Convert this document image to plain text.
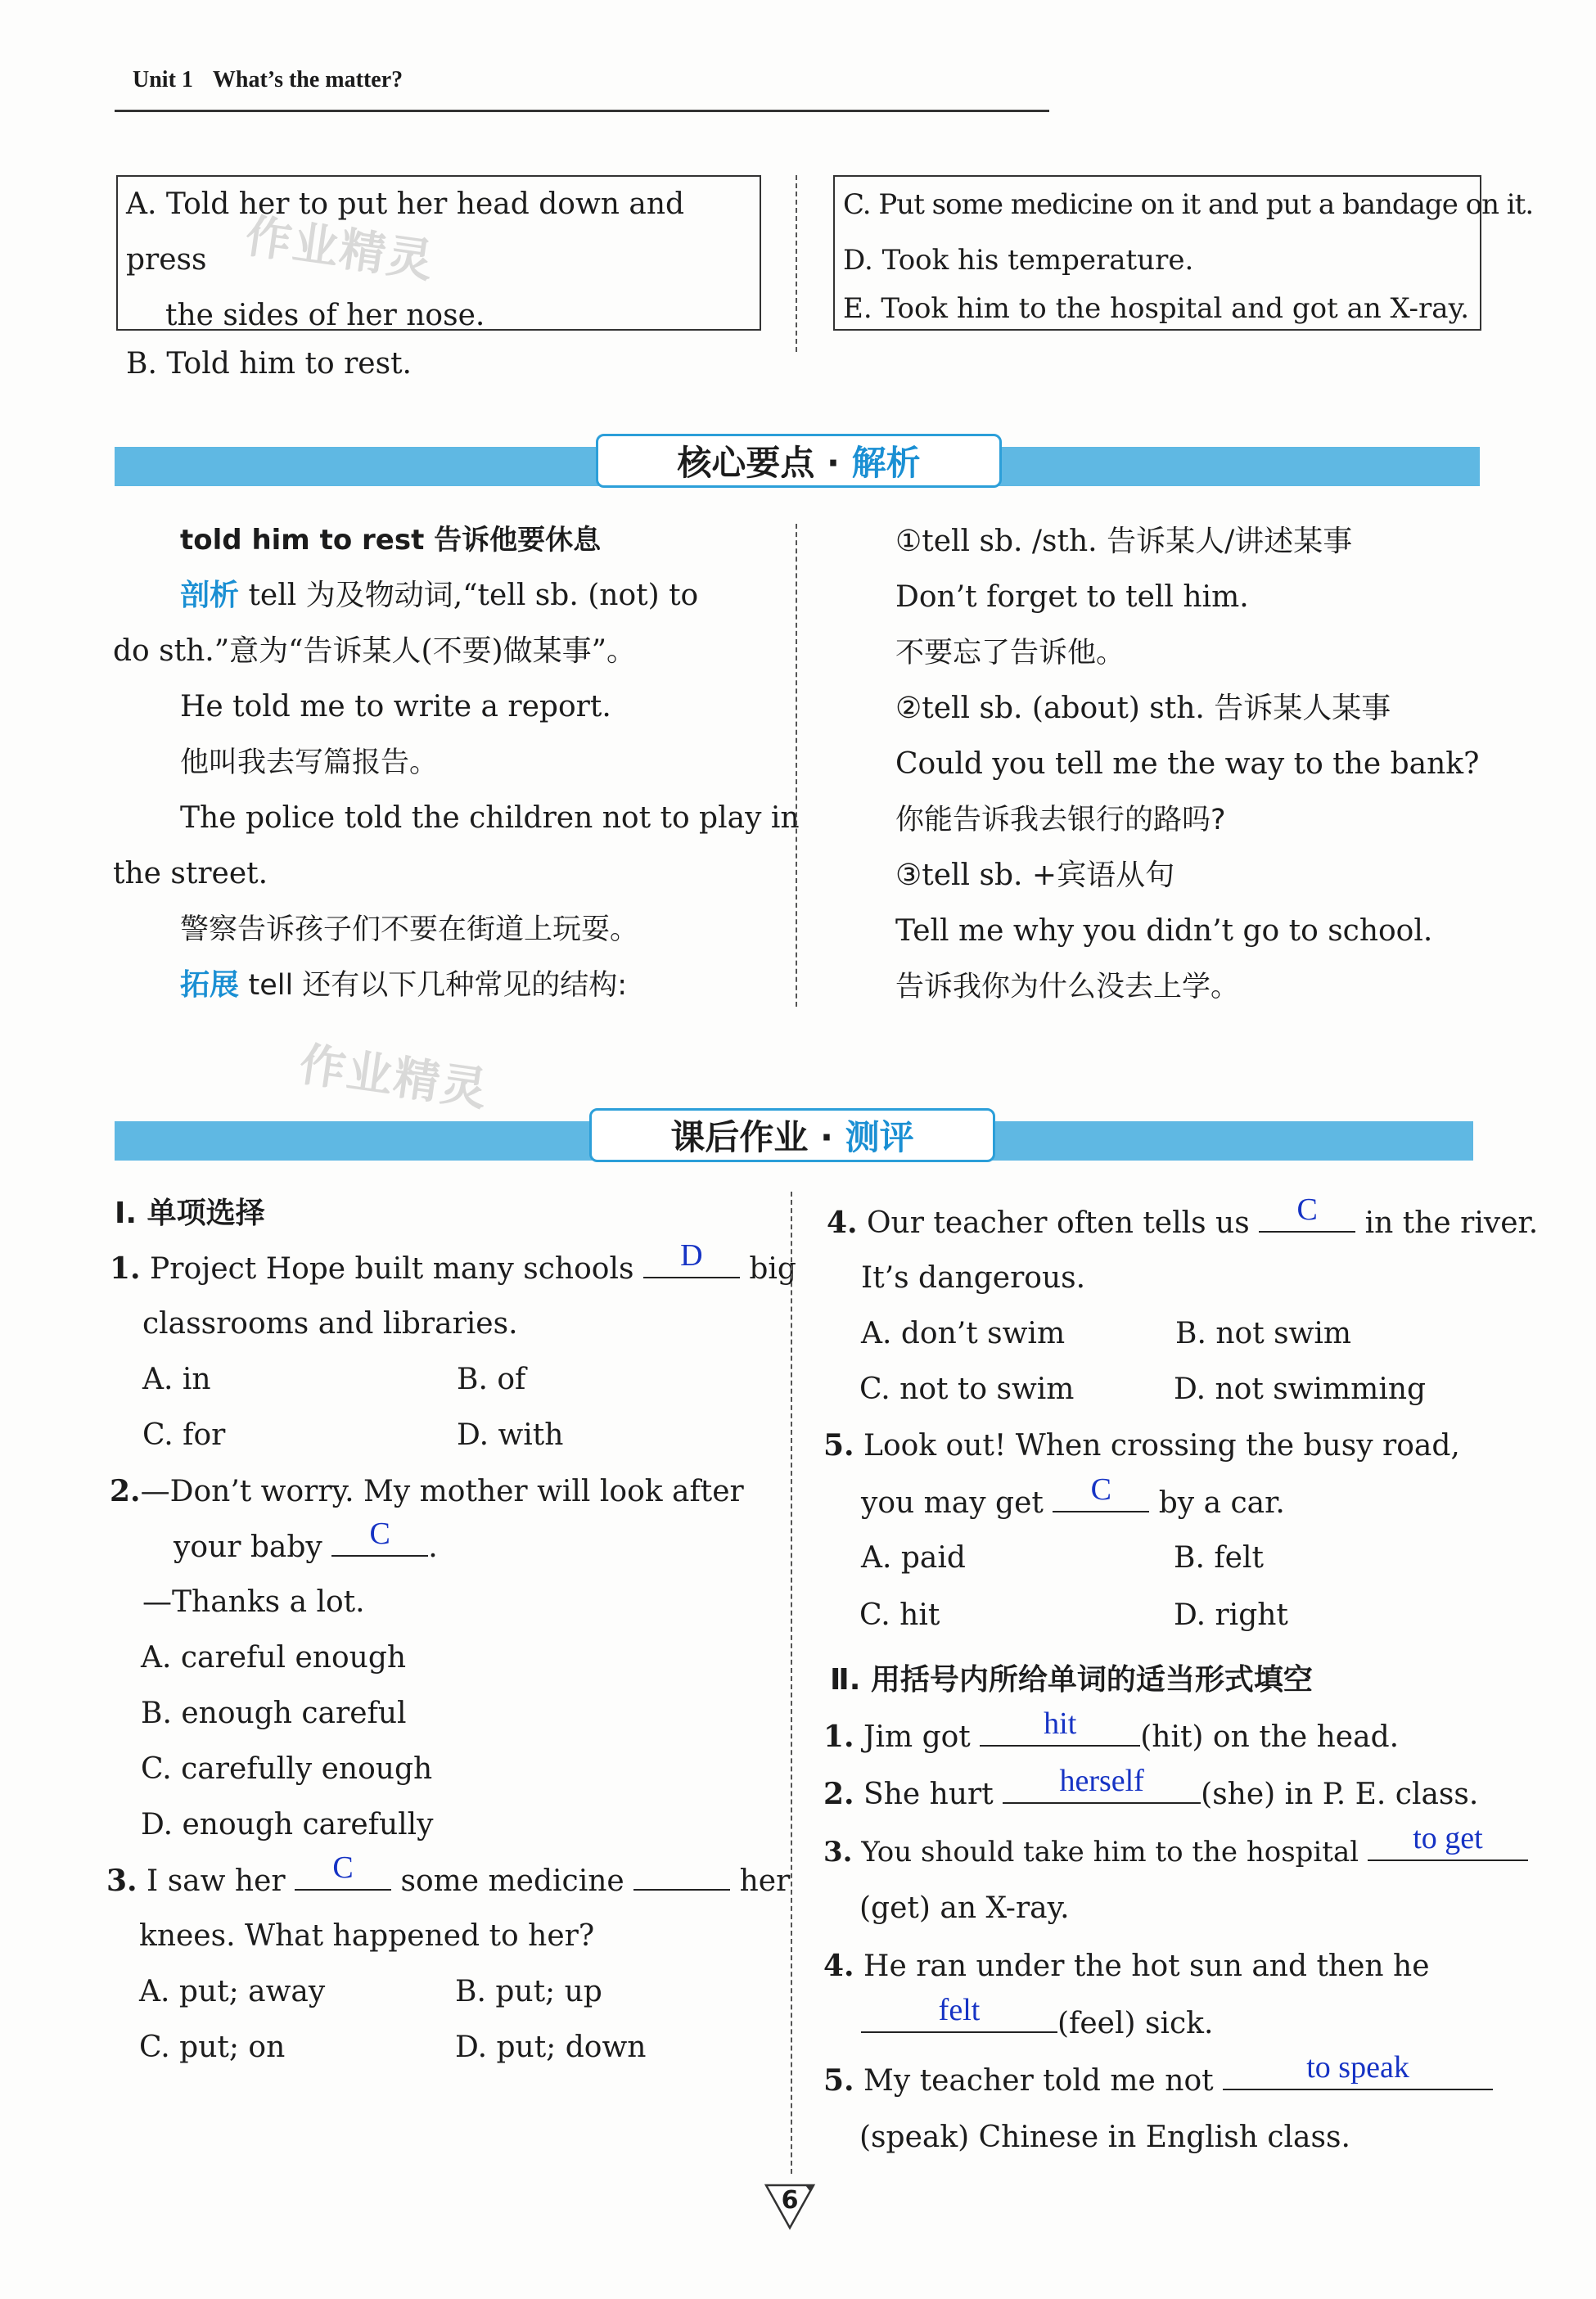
Unit 1 What’s the matter?

A. Told her to put her head down and press

the sides of her nose.

B. Told him to rest.

C. Put some medicine on it and put a bandage on it.

D. Took his temperature.

E. Took him to the hospital and got an X-ray.

核心要点 · 解析
told him to rest 告诉他要休息
剖析 tell 为及物动词,“tell sb. (not) to
do sth.”意为“告诉某人(不要)做某事”。
He told me to write a report.
他叫我去写篇报告。
The police told the children not to play in
the street.
警察告诉孩子们不要在街道上玩耍。
拓展 tell 还有以下几种常见的结构:
①tell sb. /sth. 告诉某人/讲述某事
Don’t forget to tell him.
不要忘了告诉他。
②tell sb. (about) sth. 告诉某人某事
Could you tell me the way to the bank?
你能告诉我去银行的路吗?
③tell sb. +宾语从句
Tell me why you didn’t go to school.
告诉我你为什么没去上学。
作业精灵
作业精灵
课后作业 · 测评
Ⅰ. 单项选择
1. Project Hope built many schools	D	big
classrooms and libraries.
A. in	B. of
C. for	D. with
2.—Don’t worry. My mother will look after
your baby	C	.
—Thanks a lot.
A. careful enough
B. enough careful
C. carefully enough
D. enough carefully
3. I saw her	C	some medicine	her
knees. What happened to her?
A. put; away	B. put; up
C. put; on	D. put; down
4. Our teacher often tells us	C	in the river.
It’s dangerous.
A. don’t swim	B. not swim
C. not to swim	D. not swimming
5. Look out! When crossing the busy road,
you may get	C	by a car.
A. paid	B. felt
C. hit	D. right
Ⅱ. 用括号内所给单词的适当形式填空
1. Jim got	hit	(hit) on the head.
2. She hurt	herself	(she) in P. E. class.
3. You should take him to the hospital	to get
(get) an X-ray.
4. He ran under the hot sun and then he
felt	(feel) sick.
5. My teacher told me not	to speak
(speak) Chinese in English class.
6
